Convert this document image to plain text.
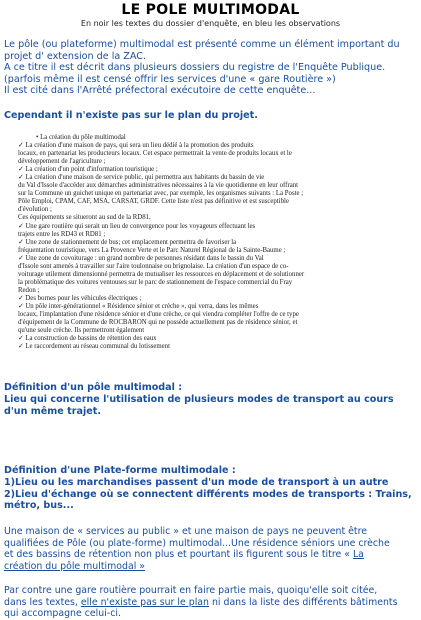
LE POLE MULTIMODAL
En noir les textes du dossier d'enquête, en bleu les observations
Le pôle (ou plateforme) multimodal est présenté comme un élément important du
projet d' extension de la ZAC.
A ce titre il est décrit dans plusieurs dossiers du registre de l'Enquête Publique.
(parfois même il est censé offrir les services d'une « gare Routière »)
Il est cité dans l'Arrêté préfectoral exécutoire de cette enquête...
Cependant il n'existe pas sur le plan du projet.
• La création du pôle multimodal
✓ La création d'une maison de pays, qui sera un lieu dédié à la promotion des produits
locaux, en partenariat les producteurs locaux. Cet espace permettrait la vente de produits locaux et le
développement de l'agriculture ;
✓ La création d'un point d'information touristique ;
✓ La création d'une maison de service public, qui permettra aux habitants du bassin de vie
du Val d'Issole d'accéder aux démarches administratives nécessaires à la vie quotidienne en leur offrant
sur la Commune un guichet unique en partenariat avec, par exemple, les organismes suivants : La Poste ;
Pôle Emploi, CPAM, CAF, MSA, CARSAT, GRDF. Cette liste n'est pas définitive et est susceptible
d'évolution ;
Ces équipements se situeront au sud de la RD81.
✓ Une gare routière qui serait un lieu de convergence pour les voyageurs effectuant les
trajets entre les RD43 et RD81 ;
✓ Une zone de stationnement de bus; cet emplacement permettra de favoriser la
fréquentation touristique, vers La Provence Verte et le Parc Naturel Régional de la Sainte-Baume ;
✓ Une zone de covoiturage : un grand nombre de personnes résidant dans le bassin du Val
d'Issole sont amenés à travailler sur l'aire toulonnaise ou brignolaise. La création d'un espace de co-
voiturage utilement dimensionné permettra de mutualiser les ressources en déplacement et de solutionner
la problématique des voitures ventouses sur le parc de stationnement de l'espace commercial du Fray
Redon ;
✓ Des bornes pour les véhicules électriques ;
✓ Un pôle inter-générationnel « Résidence sénior et crèche », qui verra, dans les mêmes
locaux, l'implantation d'une résidence sénior et d'une crèche, ce qui viendra compléter l'offre de ce type
d'équipement de la Commune de ROCBARON qui ne possède actuellement pas de résidence sénior, et
qu'une seule crèche. Ils permettront également
✓ La construction de bassins de rétention des eaux
✓ Le raccordement au réseau communal du lotissement
Définition d'un pôle multimodal :
Lieu qui concerne l'utilisation de plusieurs modes de transport au cours
d'un même trajet.
Définition d'une Plate-forme multimodale :
1)Lieu ou les marchandises passent d'un mode de transport à un autre
2)Lieu d'échange où se connectent différents modes de transports : Trains,
métro, bus...
Une maison de « services au public » et une maison de pays ne peuvent être
qualifiées de Pôle (ou plate-forme) multimodal...Une résidence séniors une crèche
et des bassins de rétention non plus et pourtant ils figurent sous le titre « La
création du pôle multimodal »
Par contre une gare routière pourrait en faire partie mais, quoiqu'elle soit citée,
dans les textes, elle n'existe pas sur le plan ni dans la liste des différents bâtiments
qui accompagne celui-ci.
